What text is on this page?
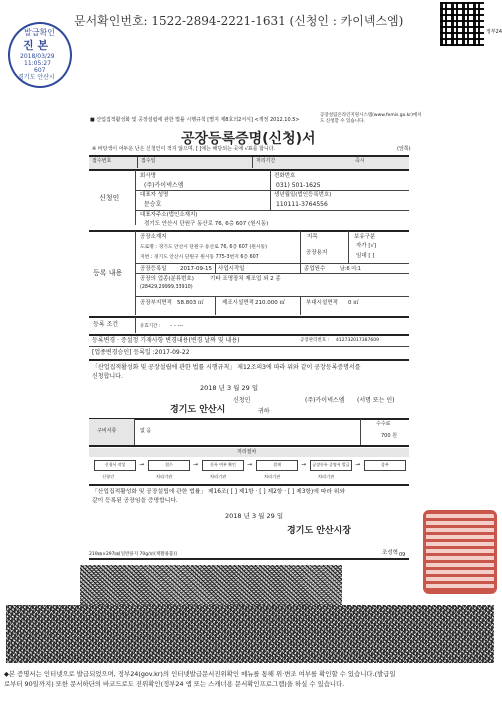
문서확인번호: 1522-2894-2221-1631 (신청인 : 카이넥스엠)
발급확인
진 본
2018/03/29
11:05:27
607
경기도 안산시
정부24
■ 산업집적활성화 및 공장설립에 관한 법률 시행규칙 [별지 제8호의2서식] <개정 2012.10.5>
공장설립온라인지원시스템(www.femis.go.kr)에서도 신청할 수 있습니다.
공장등록증명(신청)서
(앞쪽)
※ 바탕색이 어두운 난은 신청인이 적지 않으며, [ ]에는 해당되는 곳에 √표를 합니다.
접수번호	접수일	처리기간	즉시
신청인
회사명
(주)카이넥스엠
전화번호
031) 501-1625
대표자 성명
문승호
생년월일(법인등록번호)
110111-3764556
대표자주소(법인소재지)
경기도 안산시 단원구 동산로 76, 6층 607 (원시동)
등록 내용
공장소재지
도로명 : 경기도 안산시 단원구 동산로 76, 6층 607 (원시동)
지번 : 경기도 안산시 단원구 원시동 775-3번지 6층 607
지목
공장용지
보유구분
자가 [√]
임대 [ ]
공장등록일 2017-09-15 사업시작일	종업원수	남:6 여:1
공장의 업종(분류번호)	기타 조명장치 제조업 외 2 종
(28429,29999,33910)
공장부지면적 58.803 ㎡	제조시설면적 210.000 ㎡	부대시설면적 0 ㎡
등록 조건	유효기간 : - - ---
등록변경 · 증설정 기재사항 변경내용(변경 날짜 및 내용)	공장관리번호 : 412732017387609
[업종변경승인] 등록일 :2017-09-22
「산업집적활성화 및 공장설립에 관한 법률 시행규칙」 제12조의3에 따라 위와 같이 공장등록증명서를
신청합니다.
2018 년 3 월 29 일
신청인	(주)카이넥스엠 (서명 또는 인)
경기도 안산시	귀하
구비서류	없 음
수수료
700 원
처리절차
신청서 작성
신청인
→	접수
처리기관
→	등록 여부 확인
처리기관
→	결재
처리기관
→ 공장등록 증명서 발급
처리기관
→	종부
「산업집적활성화 및 공장설립에 관한 법률」 제16조( [ ] 제1항 · [ ] 제2항 · [ ] 제3항)에 따라 위와
같이 등록된 공장임을 증명합니다.
2018 년 3 월 29 일
경기도 안산시장
조성혁
210㎜×297㎜[일반용지 70g/㎡(재활용품)]	09
◆본 증명서는 인터넷으로 발급되었으며, 정부24(gov.kr)의 인터넷발급문서진위확인 메뉴를 통해 위·변조 여부를 확인할 수 있습니다.(발급일
로부터 90일까지) 또한 문서하단의 바코드로도 진위확인(정부24 앱 또는 스캐너용 문서확인프로그램)을 하실 수 있습니다.
